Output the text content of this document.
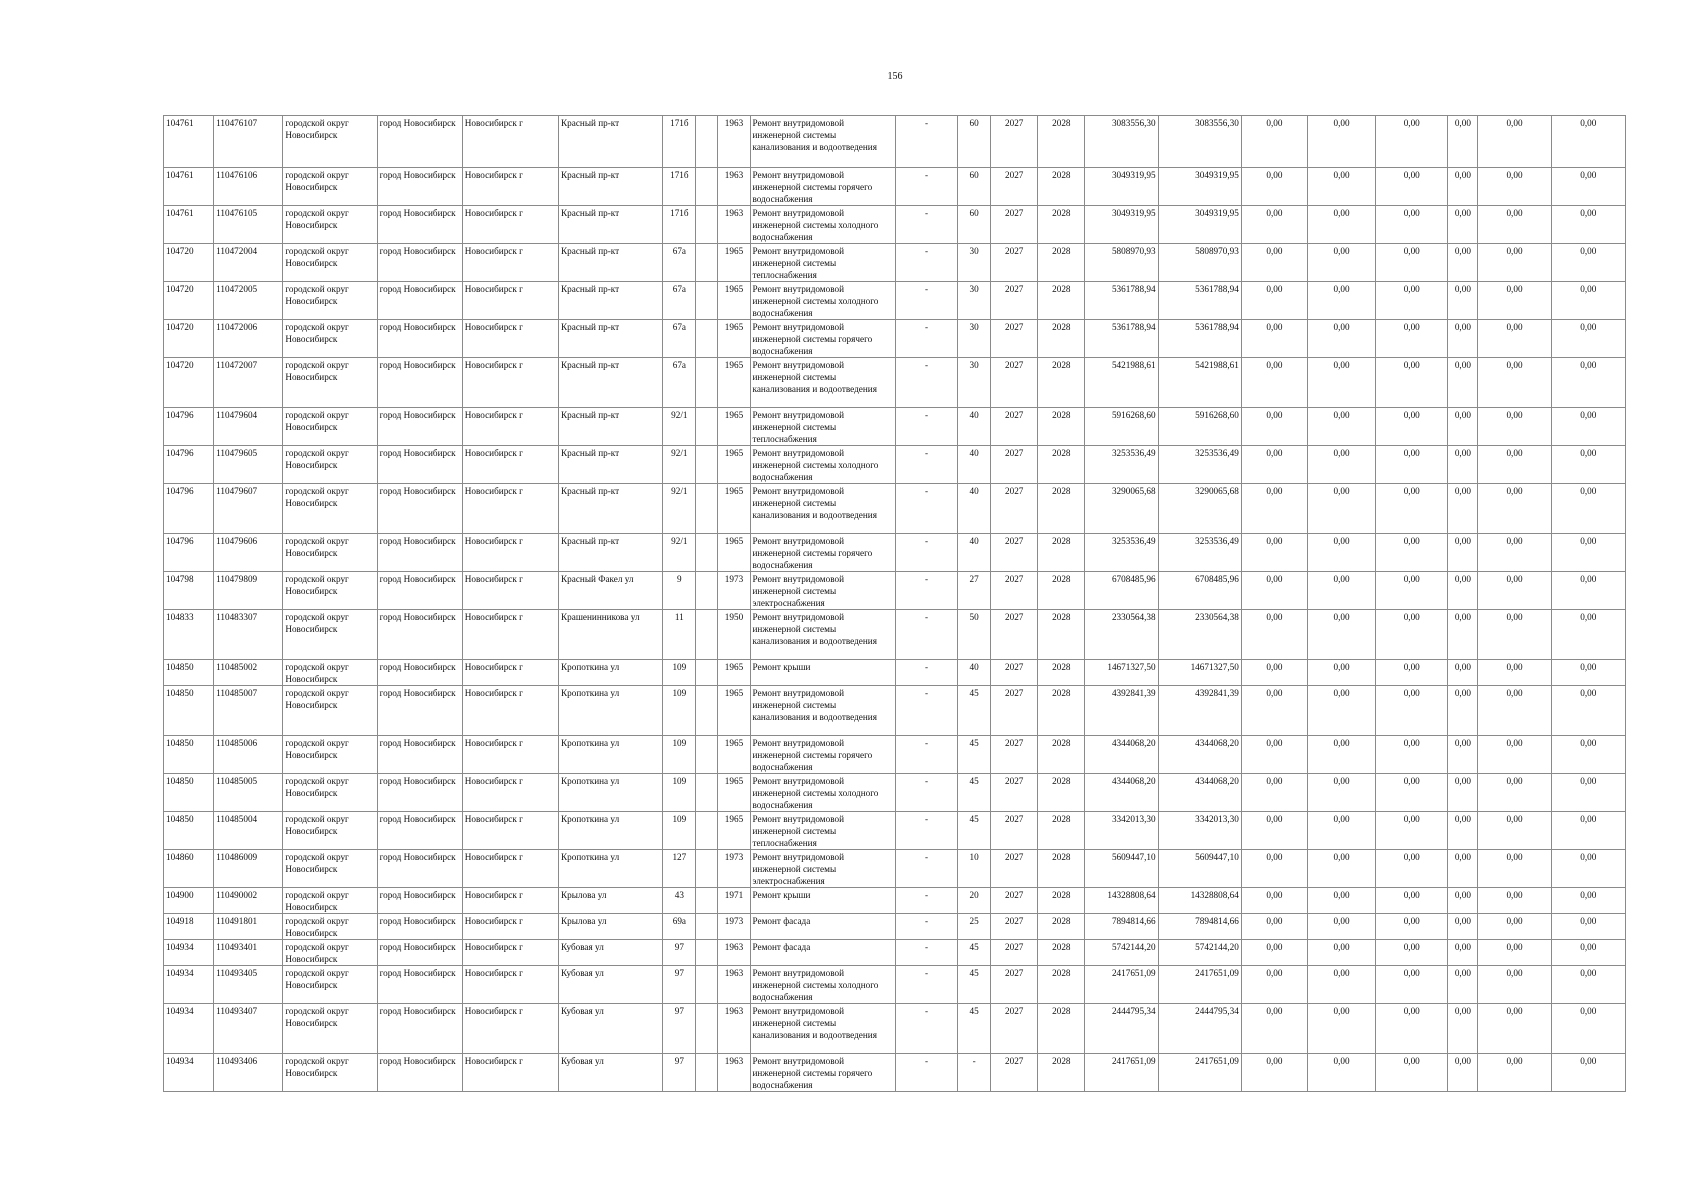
156
104761	110476107	городской округ Новосибирск	город Новосибирск	Новосибирск г	Красный пр-кт	171б		1963	Ремонт внутридомовой инженерной системы канализования и водоотведения	-	60	2027	2028	3083556,30	3083556,30	0,00	0,00	0,00	0,00	0,00	0,00
104761	110476106	городской округ Новосибирск	город Новосибирск	Новосибирск г	Красный пр-кт	171б		1963	Ремонт внутридомовой инженерной системы горячего водоснабжения	-	60	2027	2028	3049319,95	3049319,95	0,00	0,00	0,00	0,00	0,00	0,00
104761	110476105	городской округ Новосибирск	город Новосибирск	Новосибирск г	Красный пр-кт	171б		1963	Ремонт внутридомовой инженерной системы холодного водоснабжения	-	60	2027	2028	3049319,95	3049319,95	0,00	0,00	0,00	0,00	0,00	0,00
104720	110472004	городской округ Новосибирск	город Новосибирск	Новосибирск г	Красный пр-кт	67а		1965	Ремонт внутридомовой инженерной системы теплоснабжения	-	30	2027	2028	5808970,93	5808970,93	0,00	0,00	0,00	0,00	0,00	0,00
104720	110472005	городской округ Новосибирск	город Новосибирск	Новосибирск г	Красный пр-кт	67а		1965	Ремонт внутридомовой инженерной системы холодного водоснабжения	-	30	2027	2028	5361788,94	5361788,94	0,00	0,00	0,00	0,00	0,00	0,00
104720	110472006	городской округ Новосибирск	город Новосибирск	Новосибирск г	Красный пр-кт	67а		1965	Ремонт внутридомовой инженерной системы горячего водоснабжения	-	30	2027	2028	5361788,94	5361788,94	0,00	0,00	0,00	0,00	0,00	0,00
104720	110472007	городской округ Новосибирск	город Новосибирск	Новосибирск г	Красный пр-кт	67а		1965	Ремонт внутридомовой инженерной системы канализования и водоотведения	-	30	2027	2028	5421988,61	5421988,61	0,00	0,00	0,00	0,00	0,00	0,00
104796	110479604	городской округ Новосибирск	город Новосибирск	Новосибирск г	Красный пр-кт	92/1		1965	Ремонт внутридомовой инженерной системы теплоснабжения	-	40	2027	2028	5916268,60	5916268,60	0,00	0,00	0,00	0,00	0,00	0,00
104796	110479605	городской округ Новосибирск	город Новосибирск	Новосибирск г	Красный пр-кт	92/1		1965	Ремонт внутридомовой инженерной системы холодного водоснабжения	-	40	2027	2028	3253536,49	3253536,49	0,00	0,00	0,00	0,00	0,00	0,00
104796	110479607	городской округ Новосибирск	город Новосибирск	Новосибирск г	Красный пр-кт	92/1		1965	Ремонт внутридомовой инженерной системы канализования и водоотведения	-	40	2027	2028	3290065,68	3290065,68	0,00	0,00	0,00	0,00	0,00	0,00
104796	110479606	городской округ Новосибирск	город Новосибирск	Новосибирск г	Красный пр-кт	92/1		1965	Ремонт внутридомовой инженерной системы горячего водоснабжения	-	40	2027	2028	3253536,49	3253536,49	0,00	0,00	0,00	0,00	0,00	0,00
104798	110479809	городской округ Новосибирск	город Новосибирск	Новосибирск г	Красный Факел ул	9		1973	Ремонт внутридомовой инженерной системы электроснабжения	-	27	2027	2028	6708485,96	6708485,96	0,00	0,00	0,00	0,00	0,00	0,00
104833	110483307	городской округ Новосибирск	город Новосибирск	Новосибирск г	Крашенинникова ул	11		1950	Ремонт внутридомовой инженерной системы канализования и водоотведения	-	50	2027	2028	2330564,38	2330564,38	0,00	0,00	0,00	0,00	0,00	0,00
104850	110485002	городской округ Новосибирск	город Новосибирск	Новосибирск г	Кропоткина ул	109		1965	Ремонт крыши	-	40	2027	2028	14671327,50	14671327,50	0,00	0,00	0,00	0,00	0,00	0,00
104850	110485007	городской округ Новосибирск	город Новосибирск	Новосибирск г	Кропоткина ул	109		1965	Ремонт внутридомовой инженерной системы канализования и водоотведения	-	45	2027	2028	4392841,39	4392841,39	0,00	0,00	0,00	0,00	0,00	0,00
104850	110485006	городской округ Новосибирск	город Новосибирск	Новосибирск г	Кропоткина ул	109		1965	Ремонт внутридомовой инженерной системы горячего водоснабжения	-	45	2027	2028	4344068,20	4344068,20	0,00	0,00	0,00	0,00	0,00	0,00
104850	110485005	городской округ Новосибирск	город Новосибирск	Новосибирск г	Кропоткина ул	109		1965	Ремонт внутридомовой инженерной системы холодного водоснабжения	-	45	2027	2028	4344068,20	4344068,20	0,00	0,00	0,00	0,00	0,00	0,00
104850	110485004	городской округ Новосибирск	город Новосибирск	Новосибирск г	Кропоткина ул	109		1965	Ремонт внутридомовой инженерной системы теплоснабжения	-	45	2027	2028	3342013,30	3342013,30	0,00	0,00	0,00	0,00	0,00	0,00
104860	110486009	городской округ Новосибирск	город Новосибирск	Новосибирск г	Кропоткина ул	127		1973	Ремонт внутридомовой инженерной системы электроснабжения	-	10	2027	2028	5609447,10	5609447,10	0,00	0,00	0,00	0,00	0,00	0,00
104900	110490002	городской округ Новосибирск	город Новосибирск	Новосибирск г	Крылова ул	43		1971	Ремонт крыши	-	20	2027	2028	14328808,64	14328808,64	0,00	0,00	0,00	0,00	0,00	0,00
104918	110491801	городской округ Новосибирск	город Новосибирск	Новосибирск г	Крылова ул	69а		1973	Ремонт фасада	-	25	2027	2028	7894814,66	7894814,66	0,00	0,00	0,00	0,00	0,00	0,00
104934	110493401	городской округ Новосибирск	город Новосибирск	Новосибирск г	Кубовая ул	97		1963	Ремонт фасада	-	45	2027	2028	5742144,20	5742144,20	0,00	0,00	0,00	0,00	0,00	0,00
104934	110493405	городской округ Новосибирск	город Новосибирск	Новосибирск г	Кубовая ул	97		1963	Ремонт внутридомовой инженерной системы холодного водоснабжения	-	45	2027	2028	2417651,09	2417651,09	0,00	0,00	0,00	0,00	0,00	0,00
104934	110493407	городской округ Новосибирск	город Новосибирск	Новосибирск г	Кубовая ул	97		1963	Ремонт внутридомовой инженерной системы канализования и водоотведения	-	45	2027	2028	2444795,34	2444795,34	0,00	0,00	0,00	0,00	0,00	0,00
104934	110493406	городской округ Новосибирск	город Новосибирск	Новосибирск г	Кубовая ул	97		1963	Ремонт внутридомовой инженерной системы горячего водоснабжения	-	-	2027	2028	2417651,09	2417651,09	0,00	0,00	0,00	0,00	0,00	0,00
